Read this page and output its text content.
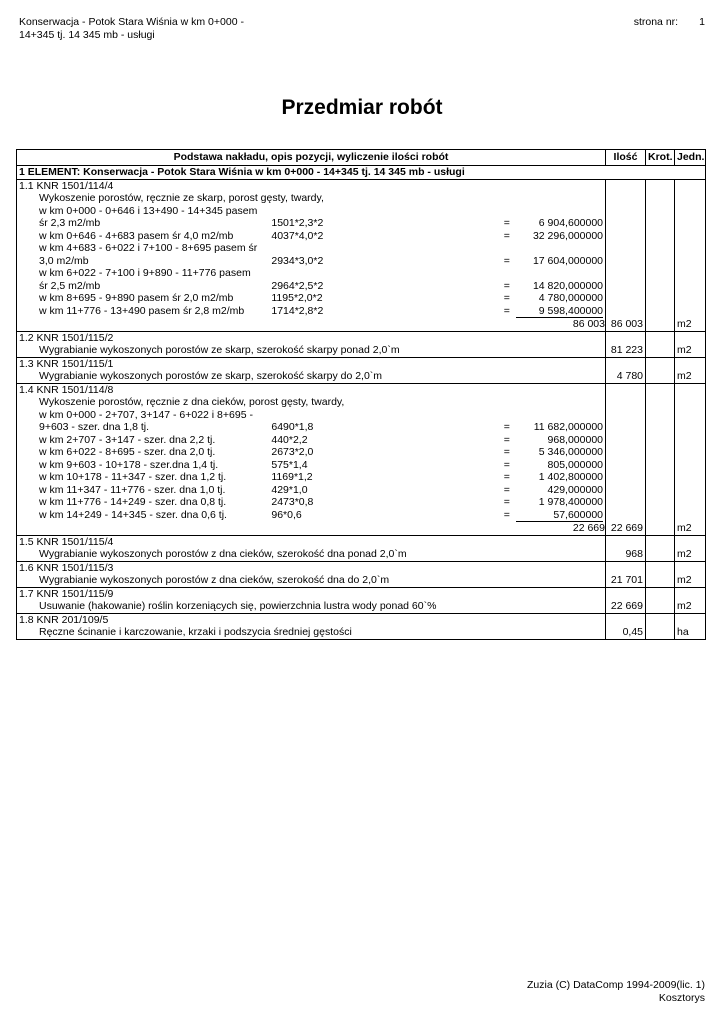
Konserwacja - Potok Stara Wiśnia w km 0+000 -
14+345 tj. 14 345 mb - usługi
strona nr: 1
Przedmiar robót
Podstawa nakładu, opis pozycji, wyliczenie ilości robót	Ilość	Krot.	Jedn.
1 ELEMENT: Konserwacja - Potok Stara Wiśnia w km 0+000 - 14+345 tj. 14 345 mb - usługi			
1.1 KNR 1501/114/4			
Wykoszenie porostów, ręcznie ze skarp, porost gęsty, twardy,			
w km 0+000 - 0+646 i 13+490 - 14+345 pasem			

śr 2,3 m2/mb 1501*2,3*2 = 6 904,600000			

w km 0+646 - 4+683 pasem śr 4,0 m2/mb 4037*4,0*2 = 32 296,000000			

w km 4+683 - 6+022 i 7+100 - 8+695 pasem śr			

3,0 m2/mb 2934*3,0*2 = 17 604,000000			

w km 6+022 - 7+100 i 9+890 - 11+776 pasem			

śr 2,5 m2/mb 2964*2,5*2 = 14 820,000000			

w km 8+695 - 9+890 pasem śr 2,0 m2/mb 1195*2,0*2 = 4 780,000000			

w km 11+776 - 13+490 pasem śr 2,8 m2/mb 1714*2,8*2 = 9 598,400000			

86 003	86 003		m2
1.2 KNR 1501/115/2			
Wygrabianie wykoszonych porostów ze skarp, szerokość skarpy ponad 2,0`m	81 223		m2
1.3 KNR 1501/115/1			
Wygrabianie wykoszonych porostów ze skarp, szerokość skarpy do 2,0`m	4 780		m2
1.4 KNR 1501/114/8			
Wykoszenie porostów, ręcznie z dna cieków, porost gęsty, twardy,			
w km 0+000 - 2+707, 3+147 - 6+022 i 8+695 -			

9+603 - szer. dna 1,8 tj. 6490*1,8 = 11 682,000000			

w km 2+707 - 3+147 - szer. dna 2,2 tj. 440*2,2 = 968,000000			

w km 6+022 - 8+695 - szer. dna 2,0 tj. 2673*2,0 = 5 346,000000			

w km 9+603 - 10+178 - szer.dna 1,4 tj. 575*1,4 = 805,000000			

w km 10+178 - 11+347 - szer. dna 1,2 tj. 1169*1,2 = 1 402,800000			

w km 11+347 - 11+776 - szer. dna 1,0 tj. 429*1,0 = 429,000000			

w km 11+776 - 14+249 - szer. dna 0,8 tj. 2473*0,8 = 1 978,400000			

w km 14+249 - 14+345 - szer. dna 0,6 tj. 96*0,6 = 57,600000			

22 669	22 669		m2
1.5 KNR 1501/115/4			
Wygrabianie wykoszonych porostów z dna cieków, szerokość dna ponad 2,0`m	968		m2
1.6 KNR 1501/115/3			
Wygrabianie wykoszonych porostów z dna cieków, szerokość dna do 2,0`m	21 701		m2
1.7 KNR 1501/115/9			
Usuwanie (hakowanie) roślin korzeniących się, powierzchnia lustra wody ponad 60`%	22 669		m2
1.8 KNR 201/109/5			
Ręczne ścinanie i karczowanie, krzaki i podszycia średniej gęstości	0,45		ha
Zuzia (C) DataComp 1994-2009(lic. 1)
Kosztorys
